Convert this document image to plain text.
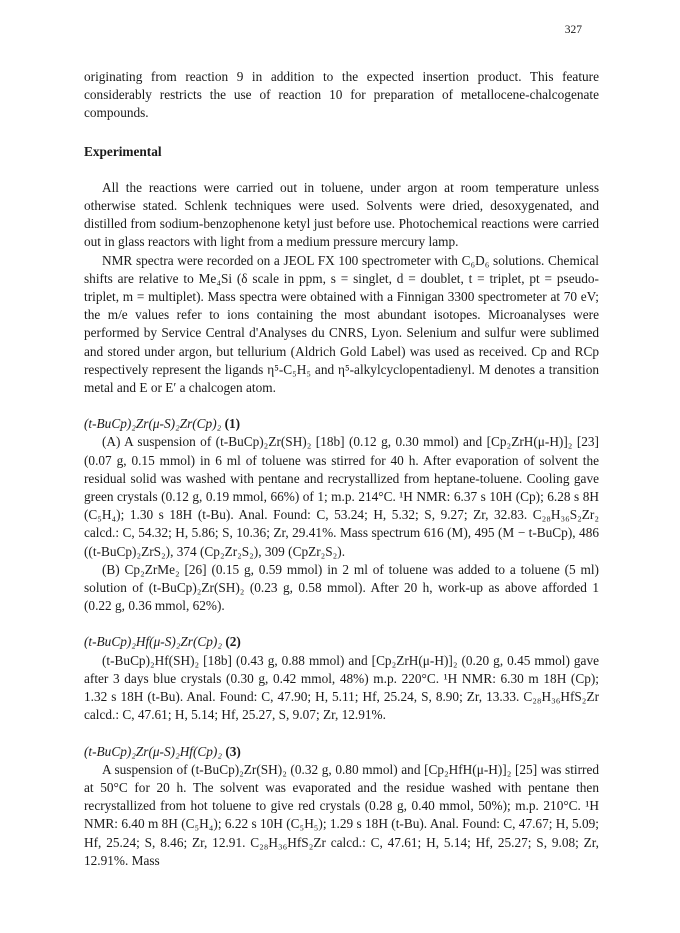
327

originating from reaction 9 in addition to the expected insertion product. This feature considerably restricts the use of reaction 10 for preparation of metallocene-chalcogenate compounds.

Experimental

All the reactions were carried out in toluene, under argon at room temperature unless otherwise stated. Schlenk techniques were used. Solvents were dried, desoxygenated, and distilled from sodium-benzophenone ketyl just before use. Photochemical reactions were carried out in glass reactors with light from a medium pressure mercury lamp.

NMR spectra were recorded on a JEOL FX 100 spectrometer with C₆D₆ solutions. Chemical shifts are relative to Me₄Si (δ scale in ppm, s = singlet, d = doublet, t = triplet, pt = pseudo-triplet, m = multiplet). Mass spectra were obtained with a Finnigan 3300 spectrometer at 70 eV; the m/e values refer to ions containing the most abundant isotopes. Microanalyses were performed by Service Central d'Analyses du CNRS, Lyon. Selenium and sulfur were sublimed and stored under argon, but tellurium (Aldrich Gold Label) was used as received. Cp and RCp respectively represent the ligands η⁵-C₅H₅ and η⁵-alkylcyclopentadienyl. M denotes a transition metal and E or E′ a chalcogen atom.

(t-BuCp)₂Zr(μ-S)₂Zr(Cp)₂ (1)

(A) A suspension of (t-BuCp)₂Zr(SH)₂ [18b] (0.12 g, 0.30 mmol) and [Cp₂ZrH(μ-H)]₂ [23] (0.07 g, 0.15 mmol) in 6 ml of toluene was stirred for 40 h. After evaporation of solvent the residual solid was washed with pentane and recrystallized from heptane-toluene. Cooling gave green crystals (0.12 g, 0.19 mmol, 66%) of 1; m.p. 214°C. ¹H NMR: 6.37 s 10H (Cp); 6.28 s 8H (C₅H₄); 1.30 s 18H (t-Bu). Anal. Found: C, 53.24; H, 5.32; S, 9.27; Zr, 32.83. C₂₈H₃₆S₂Zr₂ calcd.: C, 54.32; H, 5.86; S, 10.36; Zr, 29.41%. Mass spectrum 616 (M), 495 (M − t-BuCp), 486 ((t-BuCp)₂ZrS₂), 374 (Cp₂Zr₂S₂), 309 (CpZr₂S₂).

(B) Cp₂ZrMe₂ [26] (0.15 g, 0.59 mmol) in 2 ml of toluene was added to a toluene (5 ml) solution of (t-BuCp)₂Zr(SH)₂ (0.23 g, 0.58 mmol). After 20 h, work-up as above afforded 1 (0.22 g, 0.36 mmol, 62%).

(t-BuCp)₂Hf(μ-S)₂Zr(Cp)₂ (2)

(t-BuCp)₂Hf(SH)₂ [18b] (0.43 g, 0.88 mmol) and [Cp₂ZrH(μ-H)]₂ (0.20 g, 0.45 mmol) gave after 3 days blue crystals (0.30 g, 0.42 mmol, 48%) m.p. 220°C. ¹H NMR: 6.30 m 18H (Cp); 1.32 s 18H (t-Bu). Anal. Found: C, 47.90; H, 5.11; Hf, 25.24, S, 8.90; Zr, 13.33. C₂₈H₃₆HfS₂Zr calcd.: C, 47.61; H, 5.14; Hf, 25.27, S, 9.07; Zr, 12.91%.

(t-BuCp)₂Zr(μ-S)₂Hf(Cp)₂ (3)

A suspension of (t-BuCp)₂Zr(SH)₂ (0.32 g, 0.80 mmol) and [Cp₂HfH(μ-H)]₂ [25] was stirred at 50°C for 20 h. The solvent was evaporated and the residue washed with pentane then recrystallized from hot toluene to give red crystals (0.28 g, 0.40 mmol, 50%); m.p. 210°C. ¹H NMR: 6.40 m 8H (C₅H₄); 6.22 s 10H (C₅H₅); 1.29 s 18H (t-Bu). Anal. Found: C, 47.67; H, 5.09; Hf, 25.24; S, 8.46; Zr, 12.91. C₂₈H₃₆HfS₂Zr calcd.: C, 47.61; H, 5.14; Hf, 25.27; S, 9.08; Zr, 12.91%. Mass
